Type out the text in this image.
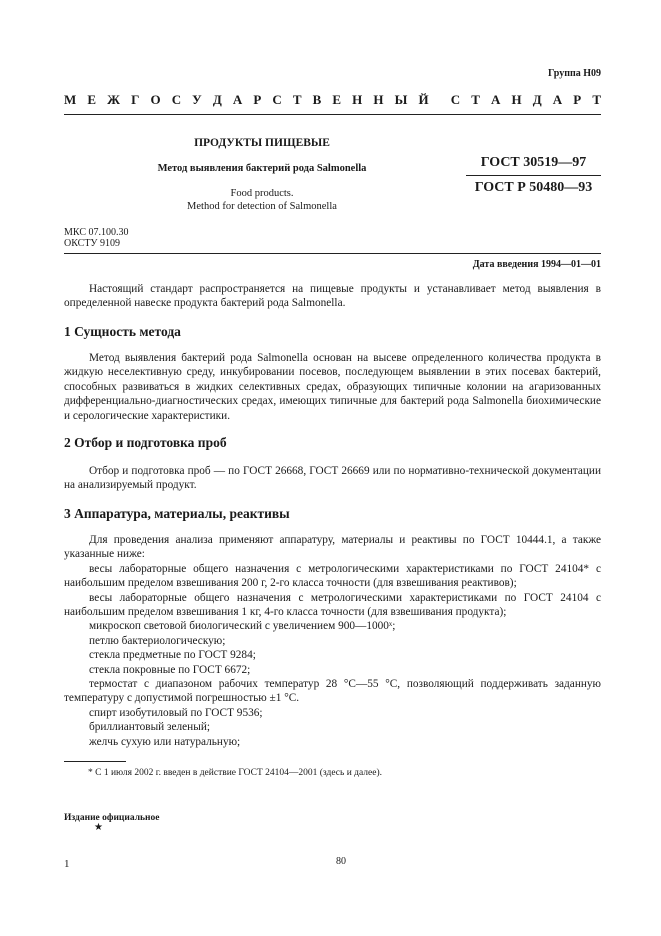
Группа Н09
М Е Ж Г О С У Д А Р С Т В Е Н Н Ы Й С Т А Н Д А Р Т
ПРОДУКТЫ ПИЩЕВЫЕ
Метод выявления бактерий рода Salmonella
Food products.
Method for detection of Salmonella
ГОСТ 30519—97
ГОСТ Р 50480—93
МКС 07.100.30
ОКСТУ 9109
Дата введения 1994—01—01

Настоящий стандарт распространяется на пищевые продукты и устанавливает метод выявления в определенной навеске продукта бактерий рода Salmonella.

1 Сущность метода

Метод выявления бактерий рода Salmonella основан на высеве определенного количества продукта в жидкую неселективную среду, инкубировании посевов, последующем выявлении в этих посевах бактерий, способных развиваться в жидких селективных средах, образующих типичные колонии на агаризованных дифференциально-диагностических средах, имеющих типичные для бактерий рода Salmonella биохимические и серологические характеристики.

2 Отбор и подготовка проб

Отбор и подготовка проб — по ГОСТ 26668, ГОСТ 26669 или по нормативно-технической документации на анализируемый продукт.

3 Аппаратура, материалы, реактивы

Для проведения анализа применяют аппаратуру, материалы и реактивы по ГОСТ 10444.1, а также указанные ниже:

весы лабораторные общего назначения с метрологическими характеристиками по ГОСТ 24104* с наибольшим пределом взвешивания 200 г, 2-го класса точности (для взвешивания реактивов);

весы лабораторные общего назначения с метрологическими характеристиками по ГОСТ 24104 с наибольшим пределом взвешивания 1 кг, 4-го класса точности (для взвешивания продукта);

микроскоп световой биологический с увеличением 900—1000ˣ;

петлю бактериологическую;

стекла предметные по ГОСТ 9284;

стекла покровные по ГОСТ 6672;

термостат с диапазоном рабочих температур 28 °С—55 °С, позволяющий поддерживать заданную температуру с допустимой погрешностью ±1 °С.

спирт изобутиловый по ГОСТ 9536;

бриллиантовый зеленый;

желчь сухую или натуральную;

* С 1 июля 2002 г. введен в действие ГОСТ 24104—2001 (здесь и далее).
Издание официальное
★
1	80
